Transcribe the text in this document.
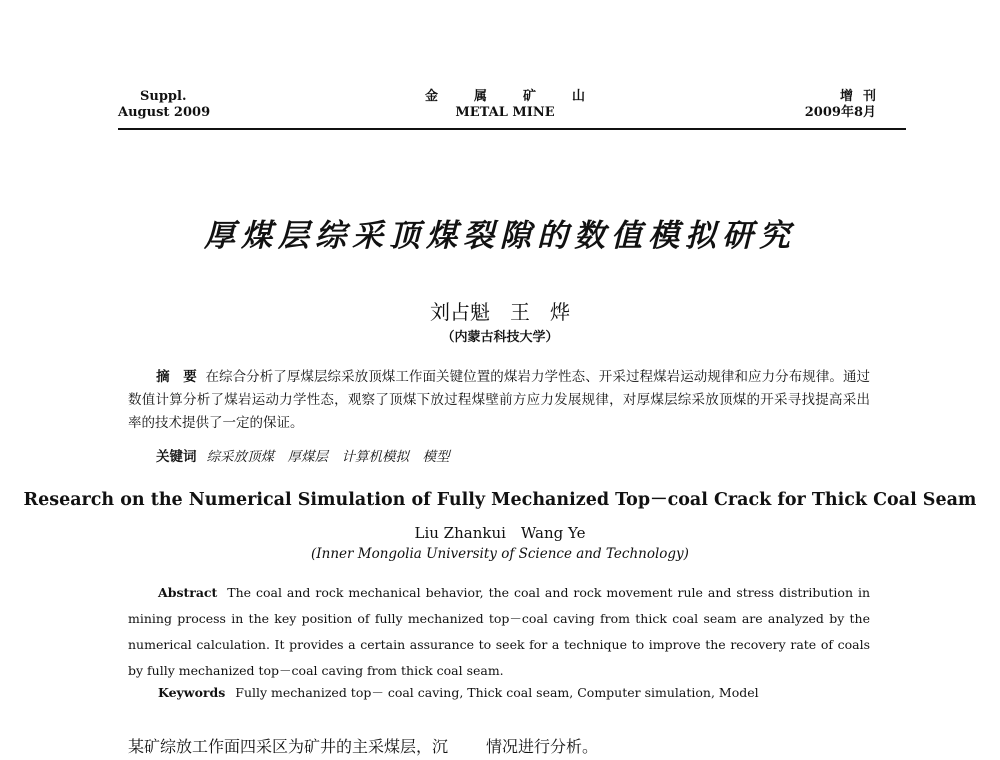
Suppl.
August 2009
金属矿山
METAL MINE
增刊
2009年8月
厚煤层综采顶煤裂隙的数值模拟研究
刘占魁　王　烨
（内蒙古科技大学）
摘　要 在综合分析了厚煤层综采放顶煤工作面关键位置的煤岩力学性态、开采过程煤岩运动规律和应力分布规律。通过数值计算分析了煤岩运动力学性态，观察了顶煤下放过程煤壁前方应力发展规律，对厚煤层综采放顶煤的开采寻找提高采出率的技术提供了一定的保证。
关键词 综采放顶煤　厚煤层　计算机模拟　模型
Research on the Numerical Simulation of Fully Mechanized Top－coal Crack for Thick Coal Seam
Liu Zhankui　Wang Ye
(Inner Mongolia University of Science and Technology)
Abstract The coal and rock mechanical behavior, the coal and rock movement rule and stress distribution in mining process in the key position of fully mechanized top－coal caving from thick coal seam are analyzed by the numerical calculation. It provides a certain assurance to seek for a technique to improve the recovery rate of coals by fully mechanized top－coal caving from thick coal seam.
Keywords Fully mechanized top－ coal caving, Thick coal seam, Computer simulation, Model
某矿综放工作面四采区为矿井的主采煤层，沉 情况进行分析。
